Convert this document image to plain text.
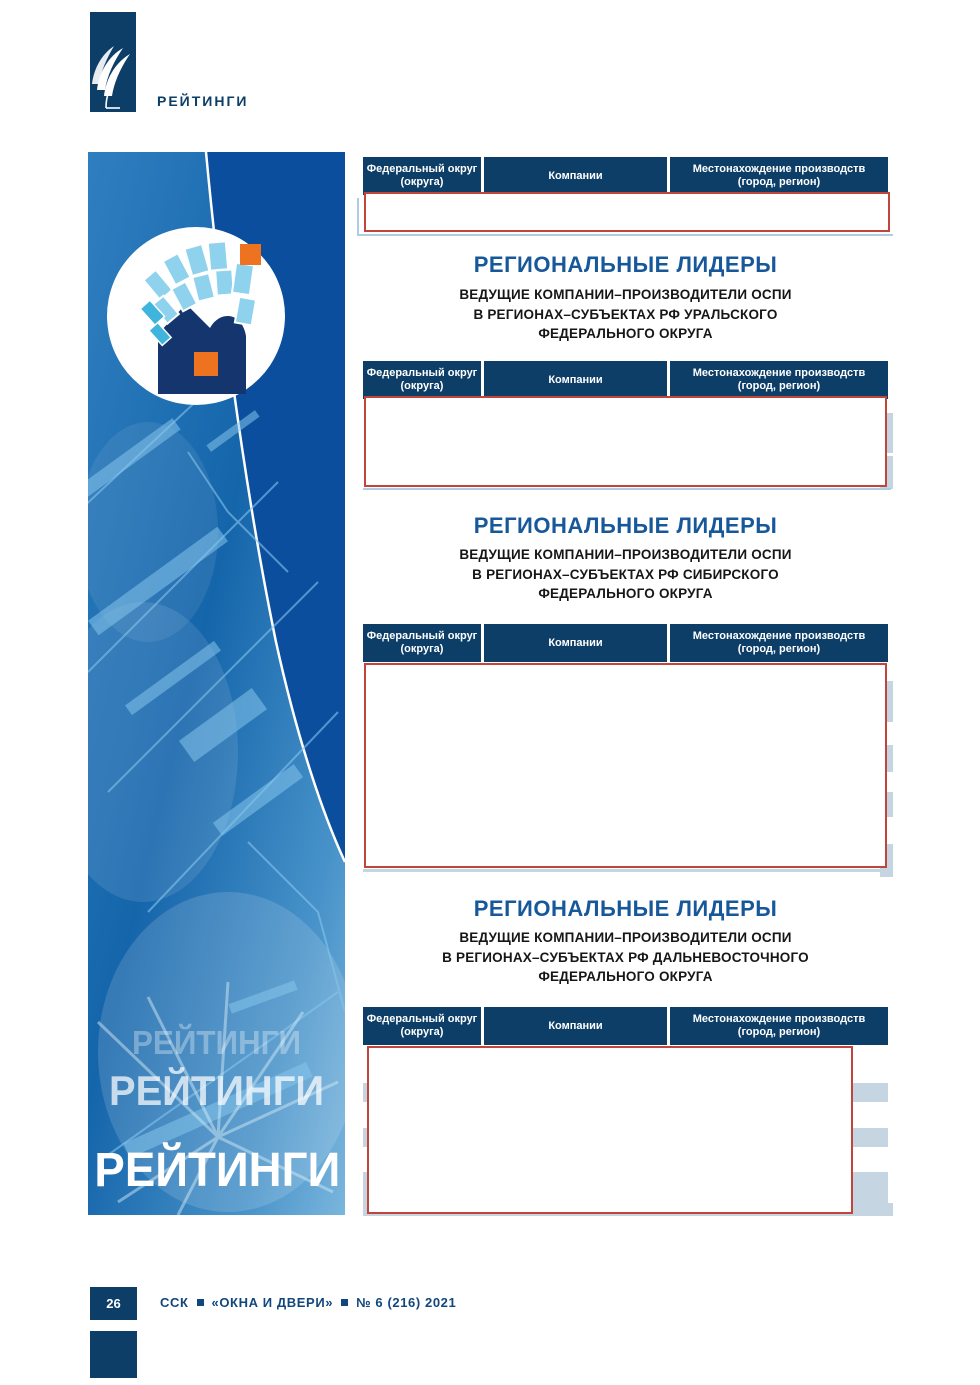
РЕЙТИНГИ
РЕЙТИНГИ
РЕЙТИНГИ
РЕЙТИНГИ
Федеральный округ
(округа)
Компании
Местонахождение производств
(город, регион)
РЕГИОНАЛЬНЫЕ ЛИДЕРЫ
ВЕДУЩИЕ КОМПАНИИ–ПРОИЗВОДИТЕЛИ ОСПИ
В РЕГИОНАХ–СУБЪЕКТАХ РФ УРАЛЬСКОГО
ФЕДЕРАЛЬНОГО ОКРУГА
Федеральный округ
(округа)
Компании
Местонахождение производств
(город, регион)
РЕГИОНАЛЬНЫЕ ЛИДЕРЫ
ВЕДУЩИЕ КОМПАНИИ–ПРОИЗВОДИТЕЛИ ОСПИ
В РЕГИОНАХ–СУБЪЕКТАХ РФ СИБИРСКОГО
ФЕДЕРАЛЬНОГО ОКРУГА
Федеральный округ
(округа)
Компании
Местонахождение производств
(город, регион)
РЕГИОНАЛЬНЫЕ ЛИДЕРЫ
ВЕДУЩИЕ КОМПАНИИ–ПРОИЗВОДИТЕЛИ ОСПИ
В РЕГИОНАХ–СУБЪЕКТАХ РФ ДАЛЬНЕВОСТОЧНОГО
ФЕДЕРАЛЬНОГО ОКРУГА
Федеральный округ
(округа)
Компании
Местонахождение производств
(город, регион)
26	ССК «ОКНА И ДВЕРИ» № 6 (216) 2021
